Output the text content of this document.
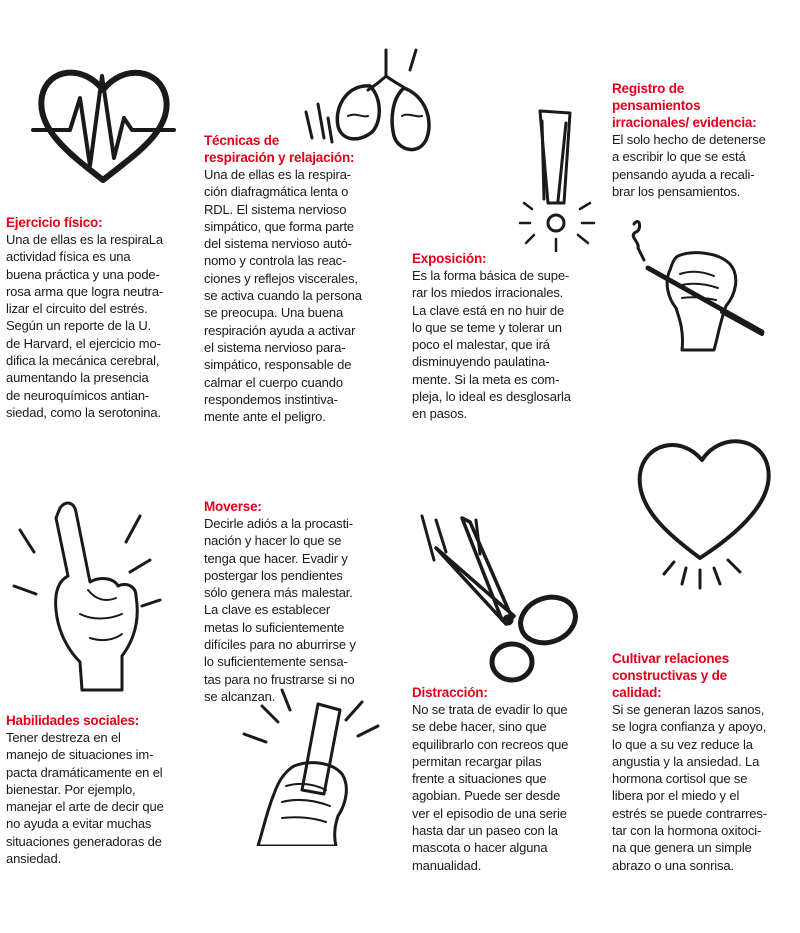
Ejercicio físico:
Una de ellas es la respiraLa
actividad física es una
buena práctica y una pode-
rosa arma que logra neutra-
lizar el circuito del estrés.
Según un reporte de la U.
de Harvard, el ejercicio mo-
difica la mecánica cerebral,
aumentando la presencia
de neuroquímicos antian-
siedad, como la serotonina.
Técnicas de
respiración y relajación:
Una de ellas es la respira-
ción diafragmática lenta o
RDL. El sistema nervioso
simpático, que forma parte
del sistema nervioso autó-
nomo y controla las reac-
ciones y reflejos viscerales,
se activa cuando la persona
se preocupa. Una buena
respiración ayuda a activar
el sistema nervioso para-
simpático, responsable de
calmar el cuerpo cuando
respondemos instintiva-
mente ante el peligro.
Exposición:
Es la forma básica de supe-
rar los miedos irracionales.
La clave está en no huir de
lo que se teme y tolerar un
poco el malestar, que irá
disminuyendo paulatina-
mente. Si la meta es com-
pleja, lo ideal es desglosarla
en pasos.
Registro de
pensamientos
irracionales/ evidencia:
El solo hecho de detenerse
a escribir lo que se está
pensando ayuda a recali-
brar los pensamientos.
Habilidades sociales:
Tener destreza en el
manejo de situaciones im-
pacta dramáticamente en el
bienestar. Por ejemplo,
manejar el arte de decir que
no ayuda a evitar muchas
situaciones generadoras de
ansiedad.
Moverse:
Decirle adiós a la procasti-
nación y hacer lo que se
tenga que hacer. Evadir y
postergar los pendientes
sólo genera más malestar.
La clave es establecer
metas lo suficientemente
difíciles para no aburrirse y
lo suficientemente sensa-
tas para no frustrarse si no
se alcanzan.	Distracción:
No se trata de evadir lo que
se debe hacer, sino que
equilibrarlo con recreos que
permitan recargar pilas
frente a situaciones que
agobian. Puede ser desde
ver el episodio de una serie
hasta dar un paseo con la
mascota o hacer alguna
manualidad.
Cultivar relaciones
constructivas y de
calidad:
Si se generan lazos sanos,
se logra confianza y apoyo,
lo que a su vez reduce la
angustia y la ansiedad. La
hormona cortisol que se
libera por el miedo y el
estrés se puede contrarres-
tar con la hormona oxitoci-
na que genera un simple
abrazo o una sonrisa.
